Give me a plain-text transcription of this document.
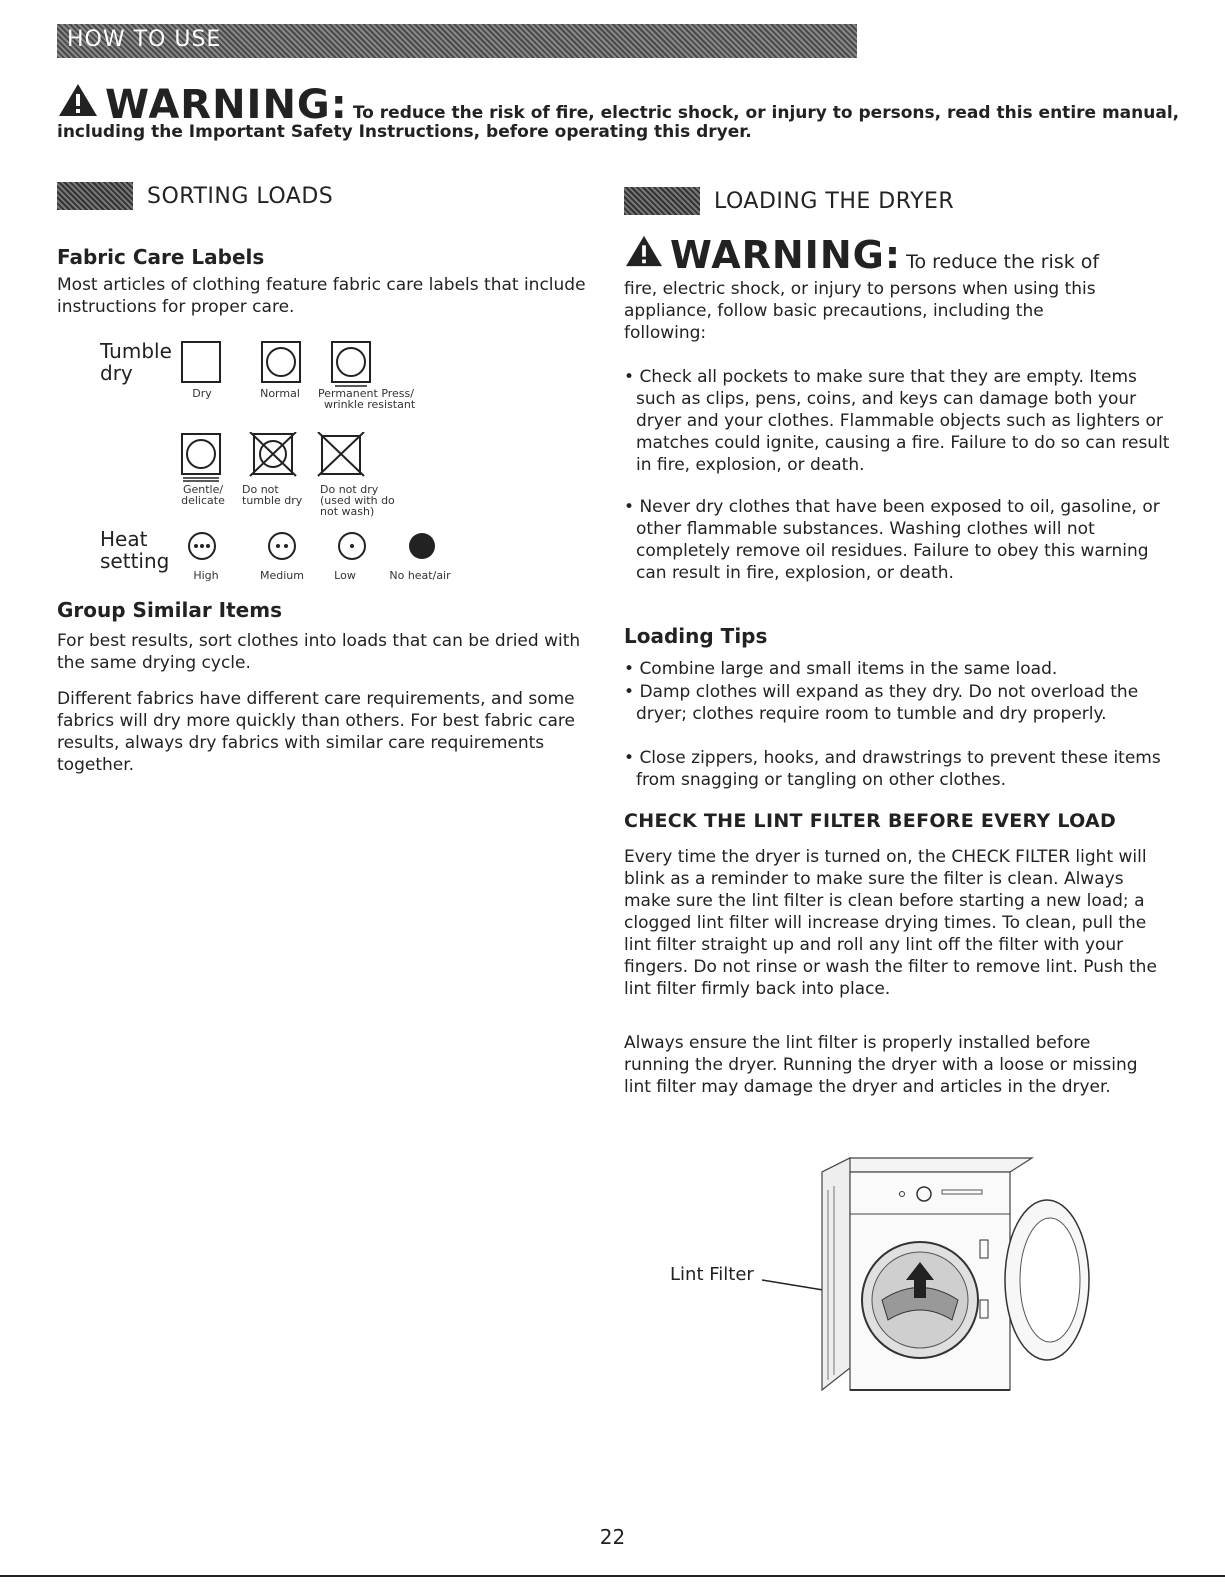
HOW TO USE
WARNING: To reduce the risk of fire, electric shock, or injury to persons, read this entire manual,
including the Important Safety Instructions, before operating this dryer.
SORTING LOADS
Fabric Care Labels
Most articles of clothing feature fabric care labels that include instructions for proper care.
Tumble
dry
Dry	Normal	Permanent Press/
wrinkle resistant
Gentle/
delicate
Do not
tumble dry
Do not dry
(used with do
not wash)
Heat
setting
High	Medium	Low	No heat/air
Group Similar Items
For best results, sort clothes into loads that can be dried with the same drying cycle.
Different fabrics have different care requirements, and some fabrics will dry more quickly than others. For best fabric care results, always dry fabrics with similar care requirements together.
LOADING THE DRYER
WARNING: To reduce the risk of
fire, electric shock, or injury to persons when using this appliance, follow basic precautions, including the following:
• Check all pockets to make sure that they are empty. Items such as clips, pens, coins, and keys can damage both your dryer and your clothes. Flammable objects such as lighters or matches could ignite, causing a fire. Failure to do so can result in fire, explosion, or death.
• Never dry clothes that have been exposed to oil, gasoline, or other flammable substances. Washing clothes will not completely remove oil residues. Failure to obey this warning can result in fire, explosion, or death.
Loading Tips
• Combine large and small items in the same load.
• Damp clothes will expand as they dry. Do not overload the dryer; clothes require room to tumble and dry properly.
• Close zippers, hooks, and drawstrings to prevent these items from snagging or tangling on other clothes.
CHECK THE LINT FILTER BEFORE EVERY LOAD
Every time the dryer is turned on, the CHECK FILTER light will blink as a reminder to make sure the filter is clean. Always make sure the lint filter is clean before starting a new load; a clogged lint filter will increase drying times. To clean, pull the lint filter straight up and roll any lint off the filter with your fingers. Do not rinse or wash the filter to remove lint. Push the lint filter firmly back into place.
Always ensure the lint filter is properly installed before running the dryer. Running the dryer with a loose or missing lint filter may damage the dryer and articles in the dryer.
Lint Filter
22
